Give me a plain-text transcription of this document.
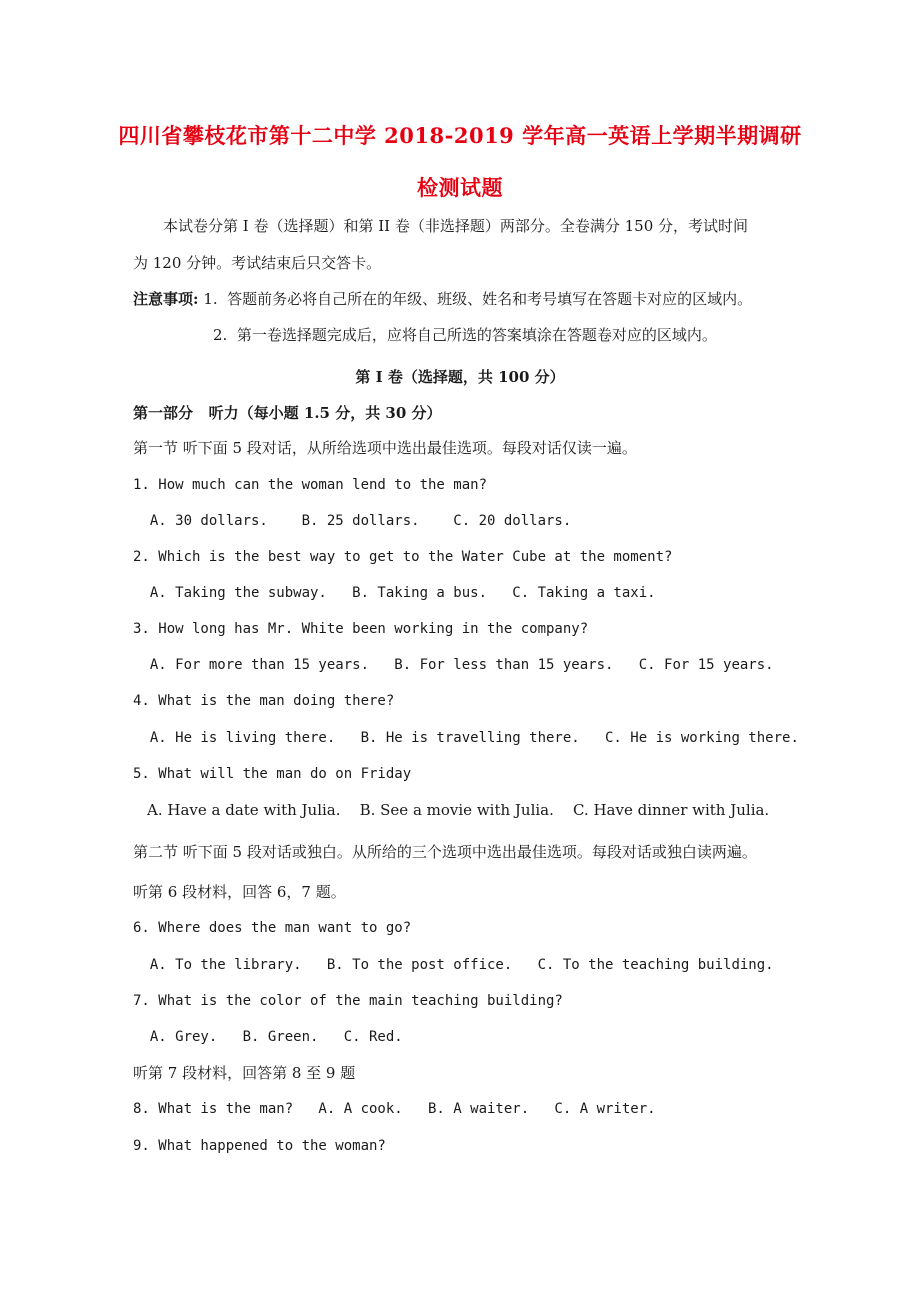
四川省攀枝花市第十二中学 2018-2019 学年高一英语上学期半期调研
检测试题
本试卷分第 I 卷（选择题）和第 II 卷（非选择题）两部分。全卷满分 150 分，考试时间
为 120 分钟。考试结束后只交答卡。
注意事项: 1.  答题前务必将自己所在的年级、班级、姓名和考号填写在答题卡对应的区域内。
2.  第一卷选择题完成后，应将自己所选的答案填涂在答题卷对应的区域内。
第 I 卷（选择题，共 100 分）
第一部分   听力（每小题 1.5 分，共 30 分）
第一节 听下面 5 段对话，从所给选项中选出最佳选项。每段对话仅读一遍。
1. How much can the woman lend to the man?
A. 30 dollars.    B. 25 dollars.    C. 20 dollars.
2. Which is the best way to get to the Water Cube at the moment?
A. Taking the subway.   B. Taking a bus.   C. Taking a taxi.
3. How long has Mr. White been working in the company?
A. For more than 15 years.   B. For less than 15 years.   C. For 15 years.
4. What is the man doing there?
A. He is living there.   B. He is travelling there.   C. He is working there.
5. What will the man do on Friday
A. Have a date with Julia.    B. See a movie with Julia.    C. Have dinner with Julia.
第二节 听下面 5 段对话或独白。从所给的三个选项中选出最佳选项。每段对话或独白读两遍。
听第 6 段材料，回答 6，7 题。
6. Where does the man want to go?
A. To the library.   B. To the post office.   C. To the teaching building.
7. What is the color of the main teaching building?
A. Grey.   B. Green.   C. Red.
听第 7 段材料，回答第 8 至 9 题
8. What is the man?   A. A cook.   B. A waiter.   C. A writer.
9. What happened to the woman?
